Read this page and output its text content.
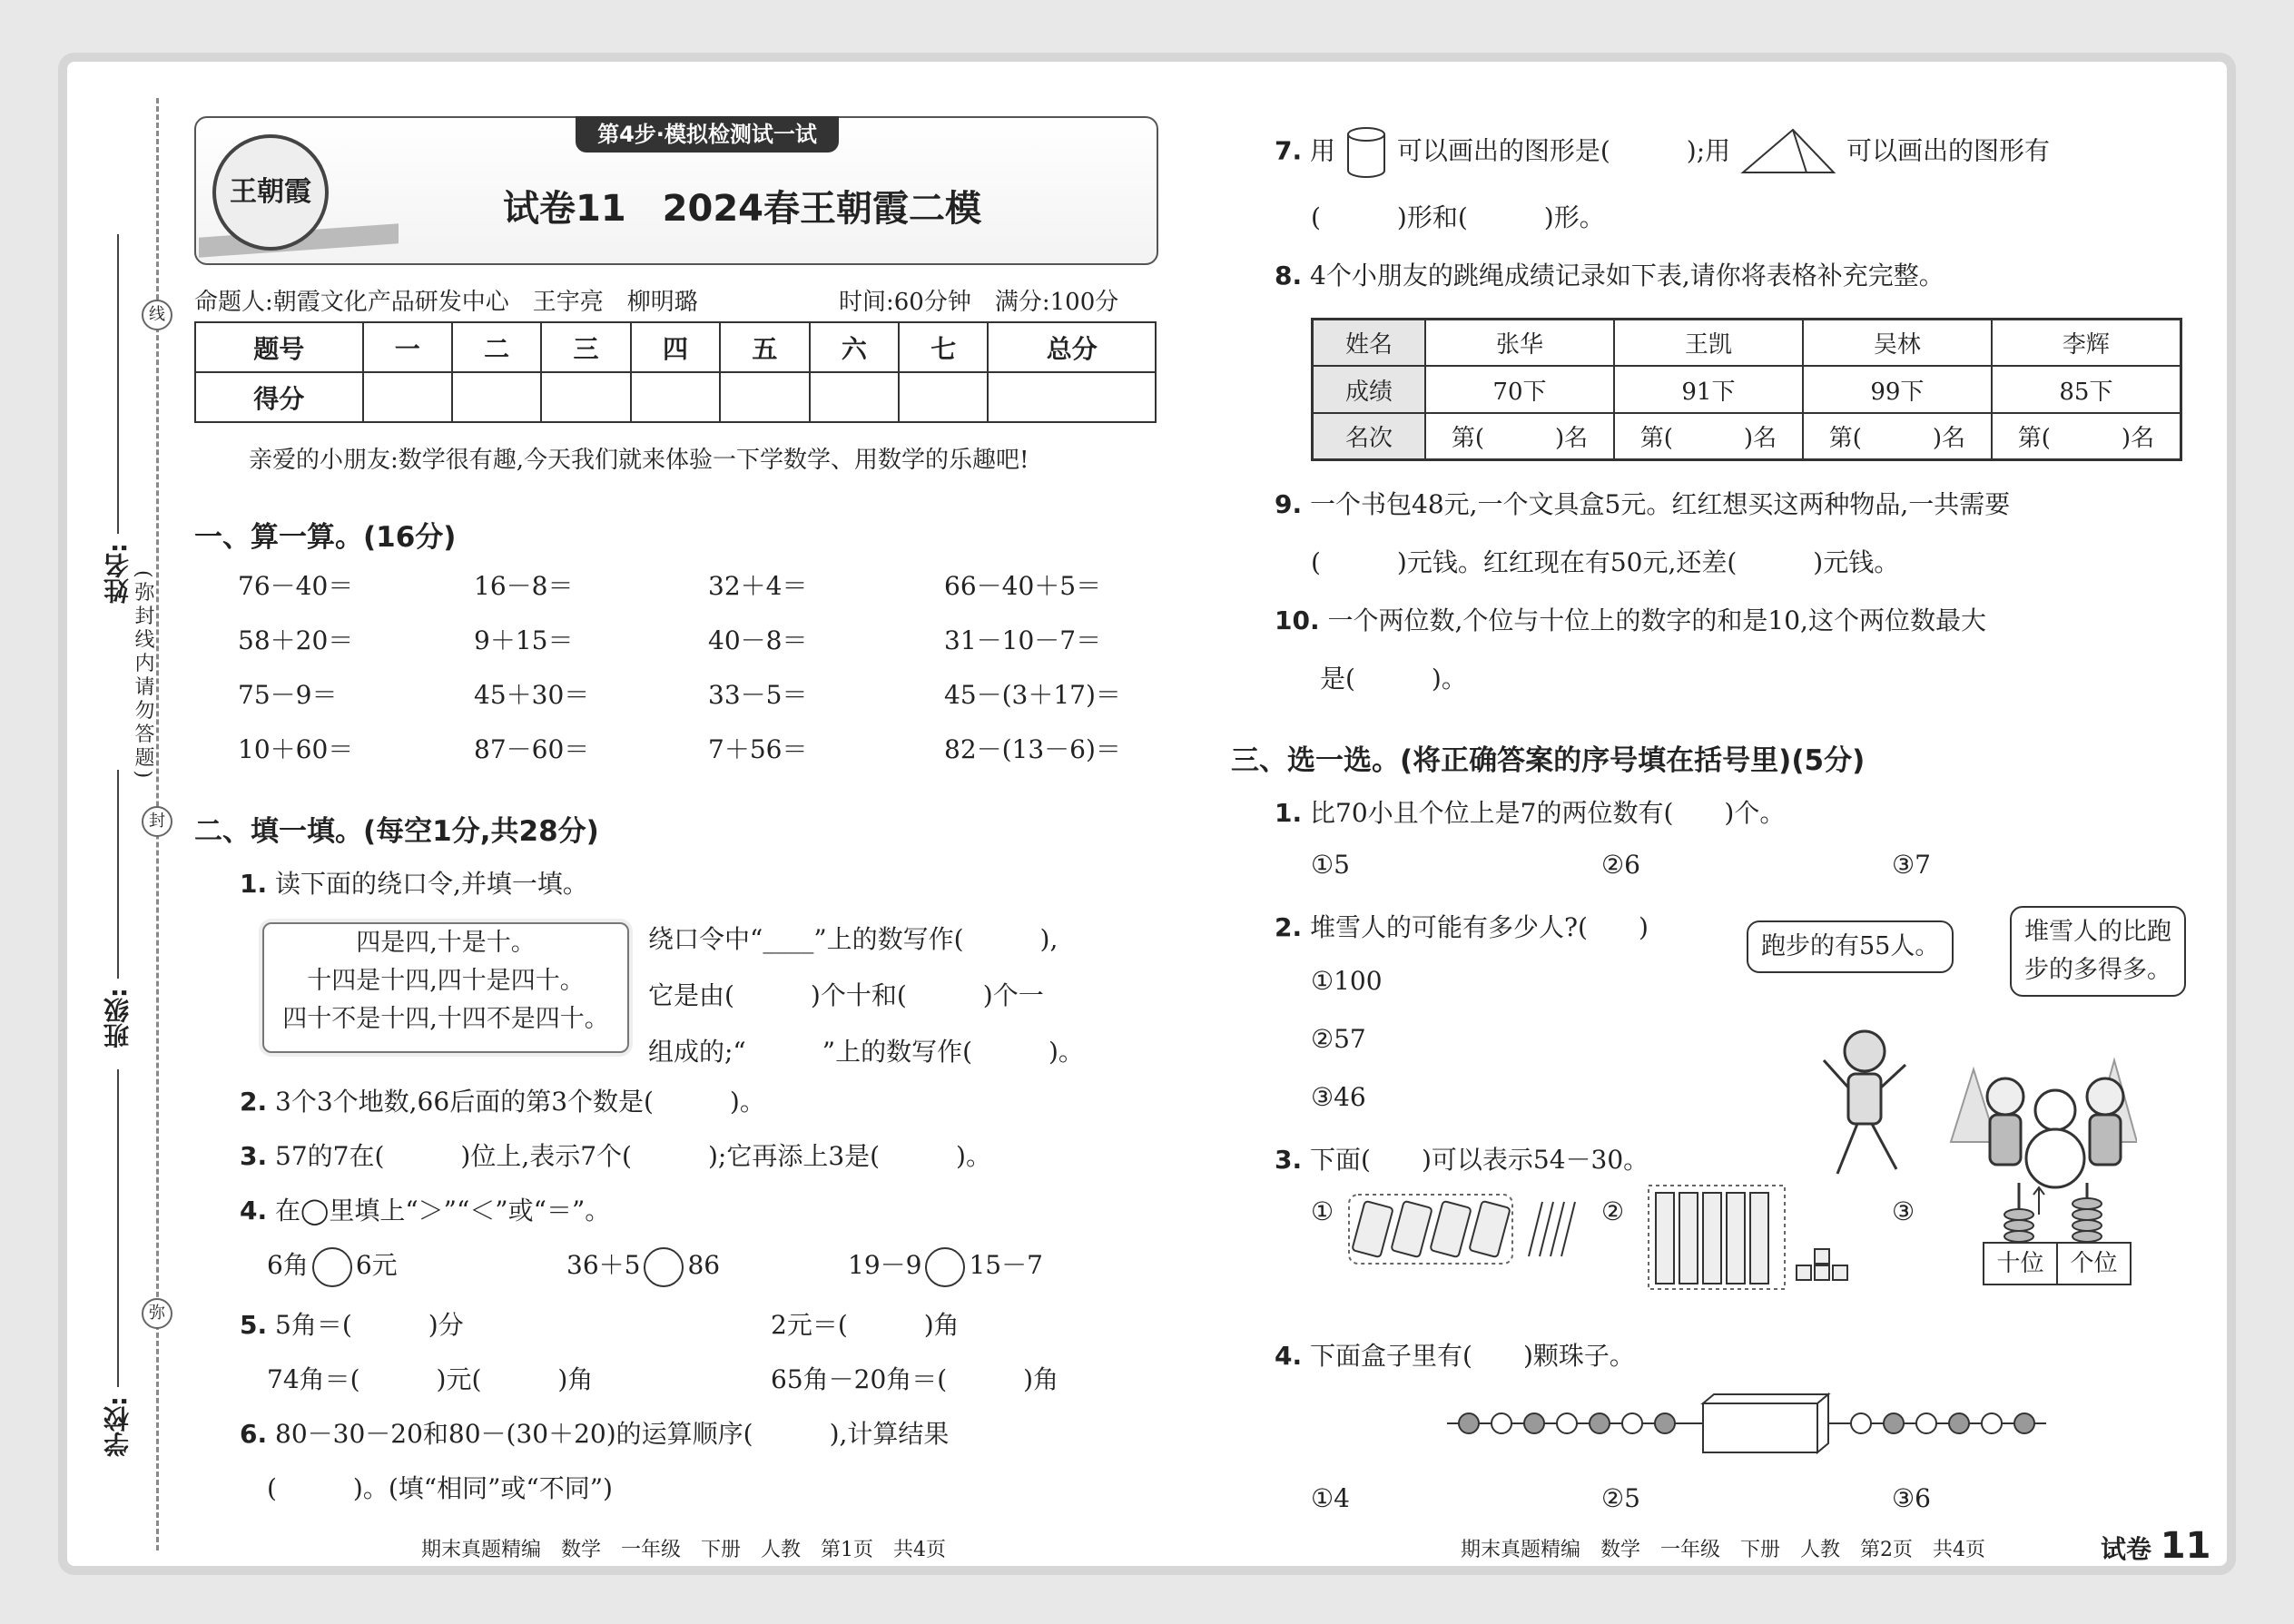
线
封
弥
(弥封线内请勿答题)
姓名:
班级:
学校:
第4步·模拟检测试一试
王朝霞	试卷11　2024春王朝霞二模
命题人:朝霞文化产品研发中心　王宇亮　柳明璐	时间:60分钟　满分:100分
题号	一	二	三	四	五	六	七	总分
得分								
亲爱的小朋友:数学很有趣,今天我们就来体验一下学数学、用数学的乐趣吧!
一、算一算。(16分)
76－40＝	16－8＝	32＋4＝	66－40＋5＝
58＋20＝	9＋15＝	40－8＝	31－10－7＝
75－9＝	45＋30＝	33－5＝	45－(3＋17)＝
10＋60＝	87－60＝	7＋56＝	82－(13－6)＝
二、填一填。(每空1分,共28分)
1. 读下面的绕口令,并填一填。
四是四,十是十。
十四是十四,四十是四十。
四十不是十四,十四不是四十。
绕口令中“____”上的数写作(　　　),
它是由(　　　)个十和(　　　)个一
组成的;“　　　”上的数写作(　　　)。
2. 3个3个地数,66后面的第3个数是(　　　)。
3. 57的7在(　　　)位上,表示7个(　　　);它再添上3是(　　　)。
4. 在◯里填上“＞”“＜”或“＝”。
6角 6元	36＋5 86	19－9 15－7
5. 5角＝(　　　)分	2元＝(　　　)角
74角＝(　　　)元(　　　)角	65角－20角＝(　　　)角
6. 80－30－20和80－(30＋20)的运算顺序(　　　),计算结果
(　　　)。(填“相同”或“不同”)
期末真题精编　数学　一年级　下册　人教　第1页　共4页
7. 用 可以画出的图形是(　　　);用	可以画出的图形有
(　　　)形和(　　　)形。
8. 4个小朋友的跳绳成绩记录如下表,请你将表格补充完整。
姓名	张华	王凯	吴林	李辉
成绩	70下	91下	99下	85下
名次	第(　　　)名	第(　　　)名	第(　　　)名	第(　　　)名
9. 一个书包48元,一个文具盒5元。红红想买这两种物品,一共需要
(　　　)元钱。红红现在有50元,还差(　　　)元钱。
10. 一个两位数,个位与十位上的数字的和是10,这个两位数最大
是(　　　)。
三、选一选。(将正确答案的序号填在括号里)(5分)
1. 比70小且个位上是7的两位数有(　　)个。
①5	②6	③7
2. 堆雪人的可能有多少人?(　　)
①100
②57
③46
跑步的有55人。
堆雪人的比跑
步的多得多。
3. 下面(　　)可以表示54－30。
①	②	③
十位	个位
4. 下面盒子里有(　　)颗珠子。
①4	②5	③6
期末真题精编　数学　一年级　下册　人教　第2页　共4页	试卷 11
